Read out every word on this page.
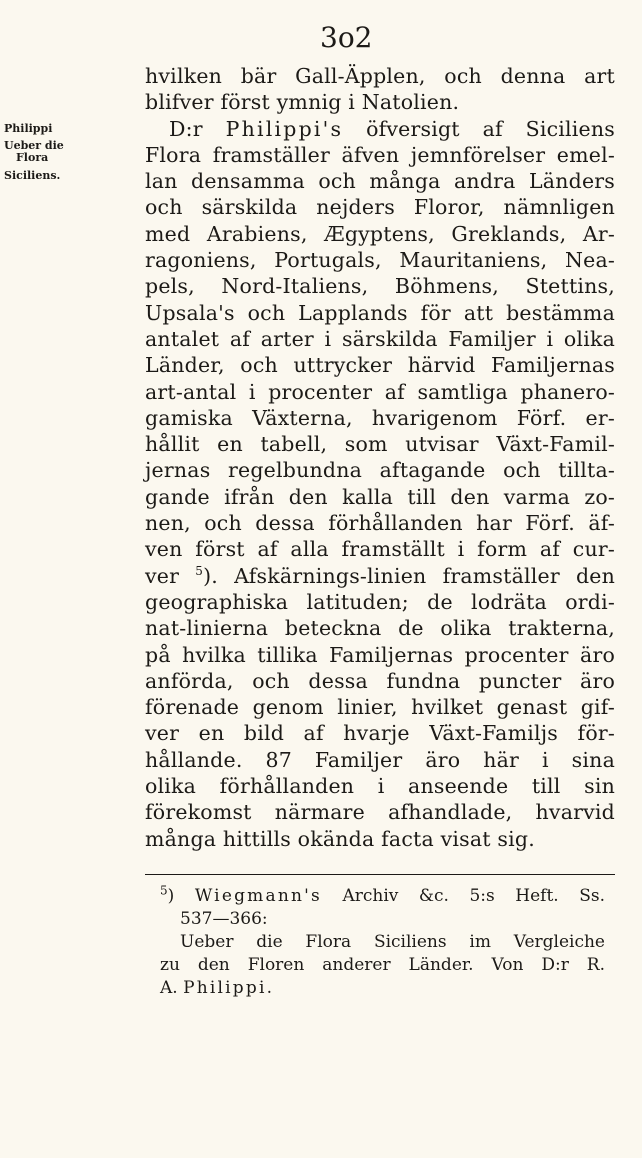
3o2
Philippi
Ueber die
Flora
Siciliens.
hvilken bär Gall-Äpplen, och denna art
blifver först ymnig i Natolien.
D:r Philippi's öfversigt af Siciliens
Flora framställer äfven jemnförelser emel-
lan densamma och många andra Länders
och särskilda nejders Floror, nämnligen
med Arabiens, Ægyptens, Greklands, Ar-
ragoniens, Portugals, Mauritaniens, Nea-
pels, Nord-Italiens, Böhmens, Stettins,
Upsala's och Lapplands för att bestämma
antalet af arter i särskilda Familjer i olika
Länder, och uttrycker härvid Familjernas
art-antal i procenter af samtliga phanero-
gamiska Växterna, hvarigenom Förf. er-
hållit en tabell, som utvisar Växt-Famil-
jernas regelbundna aftagande och tillta-
gande ifrån den kalla till den varma zo-
nen, och dessa förhållanden har Förf. äf-
ven först af alla framställt i form af cur-
ver $^5$). Afskärnings-linien framställer den
geographiska latituden; de lodräta ordi-
nat-linierna beteckna de olika trakterna,
på hvilka tillika Familjernas procenter äro
anförda, och dessa fundna puncter äro
förenade genom linier, hvilket genast gif-
ver en bild af hvarje Växt-Familjs för-
hållande. 87 Familjer äro här i sina
olika förhållanden i anseende till sin
förekomst närmare afhandlade, hvarvid
många hittills okända facta visat sig.
$^5$) Wiegmann's Archiv &c. 5:s Heft. Ss.
537—366:
Ueber die Flora Siciliens im Vergleiche
zu den Floren anderer Länder. Von D:r R.
A. Philippi.
